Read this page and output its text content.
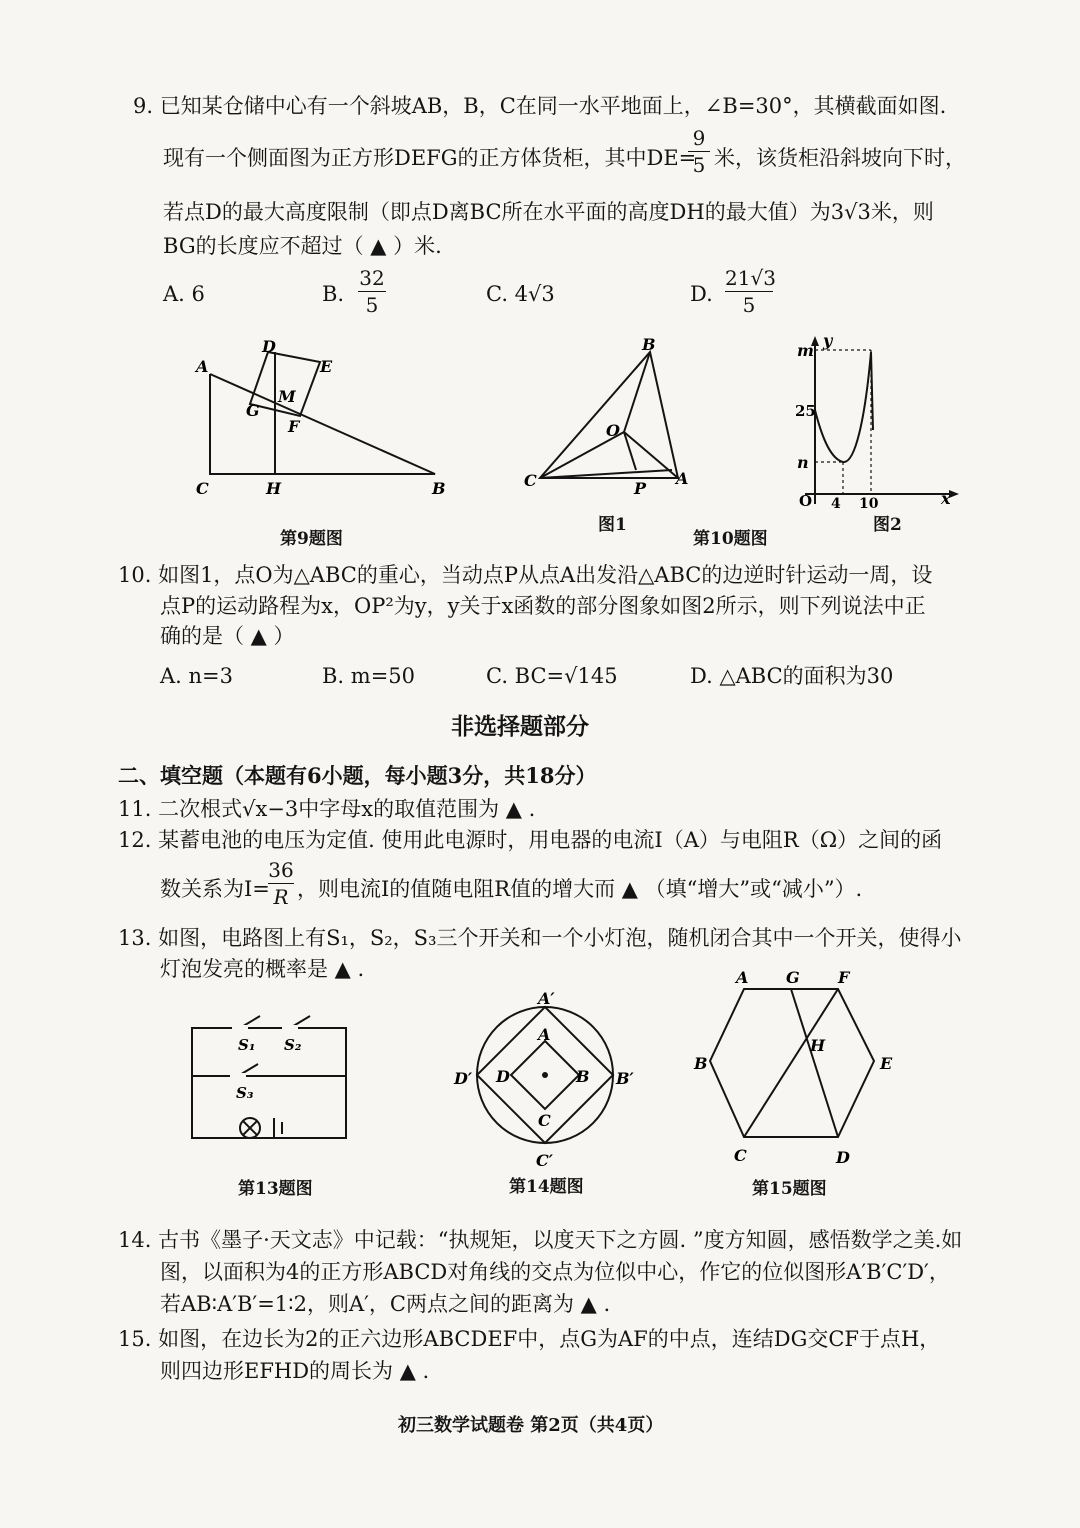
9. 已知某仓储中心有一个斜坡AB，B，C在同一水平地面上，∠B=30°，其横截面如图.
现有一个侧面图为正方形DEFG的正方体货柜，其中DE=
9
5 米，该货柜沿斜坡向下时，
若点D的最大高度限制（即点D离BC所在水平面的高度DH的最大值）为3√3米，则
BG的长度应不超过（ ▲ ）米.
A. 6	B.
32
5	C. 4√3	D.
21√3
5
A
B
C
D
E
F
G
H
M
第9题图
B
C	A
O
P
图1
第10题图
y
x
m
n
25
O 4 10
图2
10. 如图1，点O为△ABC的重心，当动点P从点A出发沿△ABC的边逆时针运动一周，设
点P的运动路程为x，OP²为y，y关于x函数的部分图象如图2所示，则下列说法中正
确的是（ ▲ ）
A. n=3	B. m=50	C. BC=√145	D. △ABC的面积为30
非选择题部分
二、填空题（本题有6小题，每小题3分，共18分）
11. 二次根式√x−3中字母x的取值范围为 ▲ .
12. 某蓄电池的电压为定值. 使用此电源时，用电器的电流I（A）与电阻R（Ω）之间的函
数关系为I=
36
R ，则电流I的值随电阻R值的增大而 ▲ （填“增大”或“减小”）.
13. 如图，电路图上有S₁，S₂，S₃三个开关和一个小灯泡，随机闭合其中一个开关，使得小
灯泡发亮的概率是 ▲ .
S₁ S₂
S₃
第13题图
A′
A
B B′
C
C′
D
D′
第14题图
A G F
E
D
C
B
H
第15题图
14. 古书《墨子·天文志》中记载：“执规矩，以度天下之方圆. ”度方知圆，感悟数学之美.如
图，以面积为4的正方形ABCD对角线的交点为位似中心，作它的位似图形A′B′C′D′，
若AB∶A′B′=1∶2，则A′，C两点之间的距离为 ▲ .
15. 如图，在边长为2的正六边形ABCDEF中，点G为AF的中点，连结DG交CF于点H，
则四边形EFHD的周长为 ▲ .
初三数学试题卷 第2页（共4页）
